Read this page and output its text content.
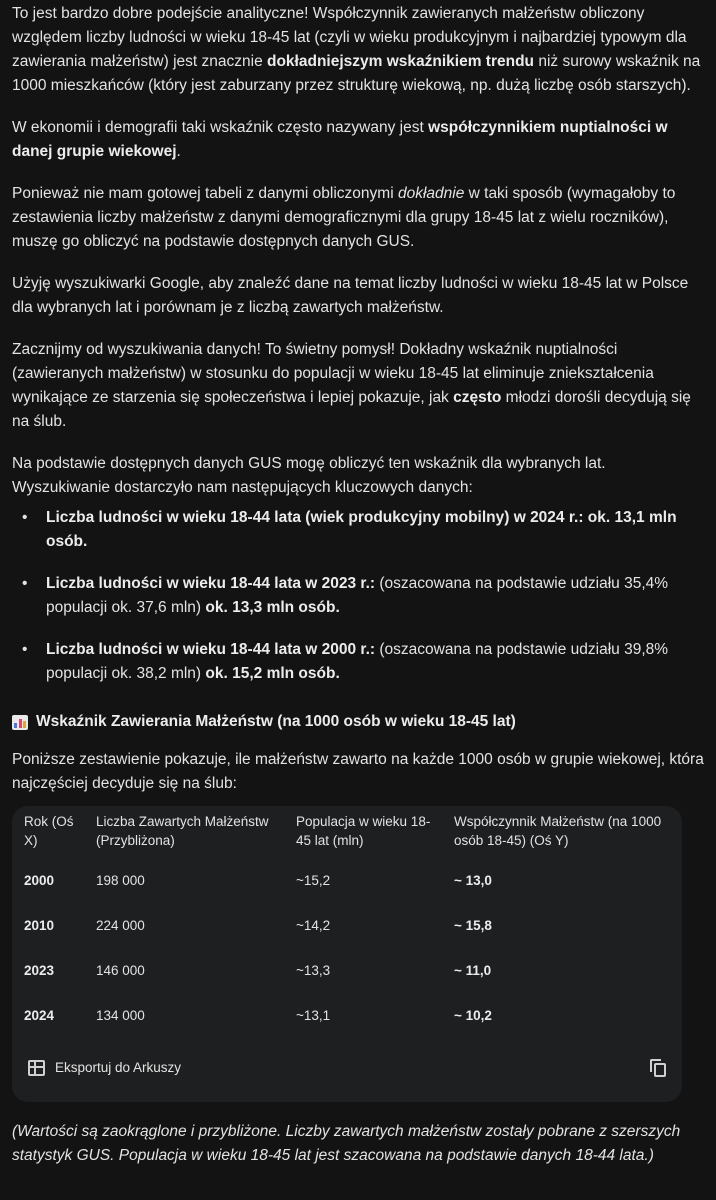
To jest bardzo dobre podejście analityczne! Współczynnik zawieranych małżeństw obliczony względem liczby ludności w wieku 18-45 lat (czyli w wieku produkcyjnym i najbardziej typowym dla zawierania małżeństw) jest znacznie dokładniejszym wskaźnikiem trendu niż surowy wskaźnik na 1000 mieszkańców (który jest zaburzany przez strukturę wiekową, np. dużą liczbę osób starszych).

W ekonomii i demografii taki wskaźnik często nazywany jest współczynnikiem nuptialności w danej grupie wiekowej.

Ponieważ nie mam gotowej tabeli z danymi obliczonymi dokładnie w taki sposób (wymagałoby to zestawienia liczby małżeństw z danymi demograficznymi dla grupy 18-45 lat z wielu roczników), muszę go obliczyć na podstawie dostępnych danych GUS.

Użyję wyszukiwarki Google, aby znaleźć dane na temat liczby ludności w wieku 18-45 lat w Polsce dla wybranych lat i porównam je z liczbą zawartych małżeństw.

Zacznijmy od wyszukiwania danych! To świetny pomysł! Dokładny wskaźnik nuptialności (zawieranych małżeństw) w stosunku do populacji w wieku 18-45 lat eliminuje zniekształcenia wynikające ze starzenia się społeczeństwa i lepiej pokazuje, jak często młodzi dorośli decydują się na ślub.

Na podstawie dostępnych danych GUS mogę obliczyć ten wskaźnik dla wybranych lat. Wyszukiwanie dostarczyło nam następujących kluczowych danych:

• Liczba ludności w wieku 18-44 lata (wiek produkcyjny mobilny) w 2024 r.: ok. 13,1 mln osób.
• Liczba ludności w wieku 18-44 lata w 2023 r.: (oszacowana na podstawie udziału 35,4% populacji ok. 37,6 mln) ok. 13,3 mln osób.
• Liczba ludności w wieku 18-44 lata w 2000 r.: (oszacowana na podstawie udziału 39,8% populacji ok. 38,2 mln) ok. 15,2 mln osób.
Wskaźnik Zawierania Małżeństw (na 1000 osób w wieku 18-45 lat)

Poniższe zestawienie pokazuje, ile małżeństw zawarto na każde 1000 osób w grupie wiekowej, która najczęściej decyduje się na ślub:

Rok (Oś X)	Liczba Zawartych Małżeństw (Przybliżona)	Populacja w wieku 18-45 lat (mln)	Współczynnik Małżeństw (na 1000 osób 18-45) (Oś Y)
2000	198 000	~15,2	~ 13,0
2010	224 000	~14,2	~ 15,8
2023	146 000	~13,3	~ 11,0
2024	134 000	~13,1	~ 10,2
Eksportuj do Arkuszy

(Wartości są zaokrąglone i przybliżone. Liczby zawartych małżeństw zostały pobrane z szerszych statystyk GUS. Populacja w wieku 18-45 lat jest szacowana na podstawie danych 18-44 lata.)
